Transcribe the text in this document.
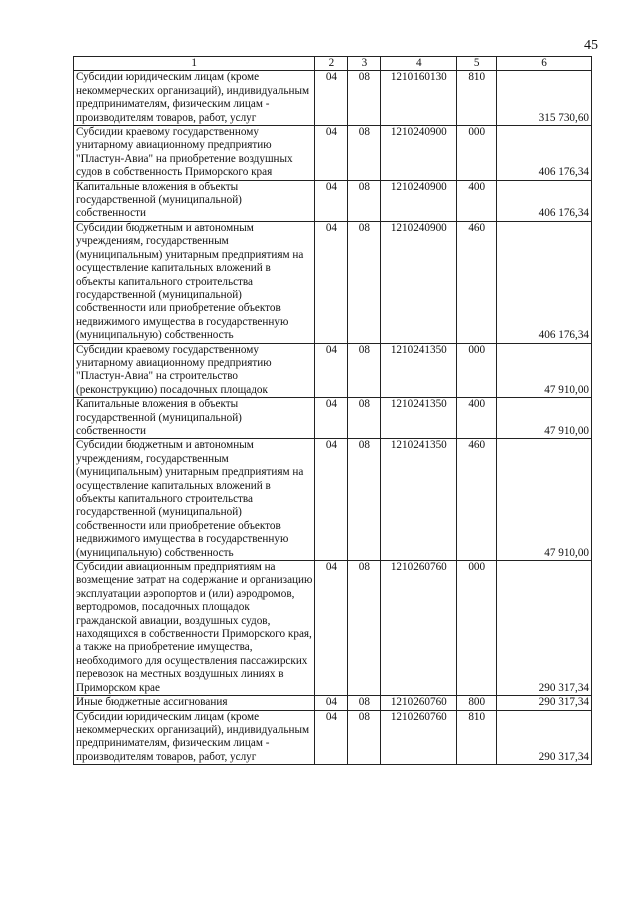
45
1	2	3	4	5	6
Субсидии юридическим лицам (кроме некоммерческих организаций), индивидуальным предпринимателям, физическим лицам - производителям товаров, работ, услуг	04	08	1210160130	810	315 730,60
Субсидии краевому государственному унитарному авиационному предприятию "Пластун-Авиа" на приобретение воздушных судов в собственность Приморского края	04	08	1210240900	000	406 176,34
Капитальные вложения в объекты государственной (муниципальной) собственности	04	08	1210240900	400	406 176,34
Субсидии бюджетным и автономным учреждениям, государственным (муниципальным) унитарным предприятиям на осуществление капитальных вложений в объекты капитального строительства государственной (муниципальной) собственности или приобретение объектов недвижимого имущества в государственную (муниципальную) собственность	04	08	1210240900	460	406 176,34
Субсидии краевому государственному унитарному авиационному предприятию "Пластун-Авиа" на строительство (реконструкцию) посадочных площадок	04	08	1210241350	000	47 910,00
Капитальные вложения в объекты государственной (муниципальной) собственности	04	08	1210241350	400	47 910,00
Субсидии бюджетным и автономным учреждениям, государственным (муниципальным) унитарным предприятиям на осуществление капитальных вложений в объекты капитального строительства государственной (муниципальной) собственности или приобретение объектов недвижимого имущества в государственную (муниципальную) собственность	04	08	1210241350	460	47 910,00
Субсидии авиационным предприятиям на возмещение затрат на содержание и организацию эксплуатации аэропортов и (или) аэродромов, вертодромов, посадочных площадок гражданской авиации, воздушных судов, находящихся в собственности Приморского края, а также на приобретение имущества, необходимого для осуществления пассажирских перевозок на местных воздушных линиях в Приморском крае	04	08	1210260760	000	290 317,34
Иные бюджетные ассигнования	04	08	1210260760	800	290 317,34
Субсидии юридическим лицам (кроме некоммерческих организаций), индивидуальным предпринимателям, физическим лицам - производителям товаров, работ, услуг	04	08	1210260760	810	290 317,34
